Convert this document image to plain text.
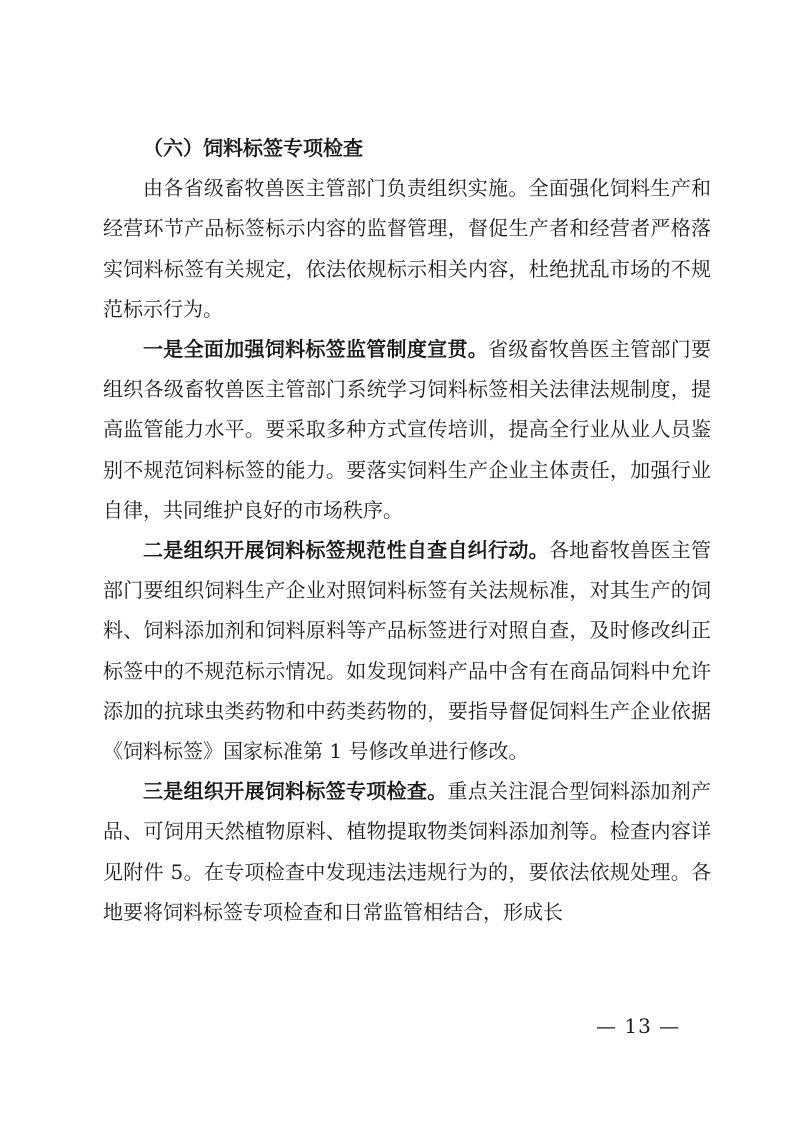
（六）饲料标签专项检查

由各省级畜牧兽医主管部门负责组织实施。全面强化饲料生产和经营环节产品标签标示内容的监督管理，督促生产者和经营者严格落实饲料标签有关规定，依法依规标示相关内容，杜绝扰乱市场的不规范标示行为。

一是全面加强饲料标签监管制度宣贯。省级畜牧兽医主管部门要组织各级畜牧兽医主管部门系统学习饲料标签相关法律法规制度，提高监管能力水平。要采取多种方式宣传培训，提高全行业从业人员鉴别不规范饲料标签的能力。要落实饲料生产企业主体责任，加强行业自律，共同维护良好的市场秩序。

二是组织开展饲料标签规范性自查自纠行动。各地畜牧兽医主管部门要组织饲料生产企业对照饲料标签有关法规标准，对其生产的饲料、饲料添加剂和饲料原料等产品标签进行对照自查，及时修改纠正标签中的不规范标示情况。如发现饲料产品中含有在商品饲料中允许添加的抗球虫类药物和中药类药物的，要指导督促饲料生产企业依据《饲料标签》国家标准第 1 号修改单进行修改。

三是组织开展饲料标签专项检查。重点关注混合型饲料添加剂产品、可饲用天然植物原料、植物提取物类饲料添加剂等。检查内容详见附件 5。在专项检查中发现违法违规行为的，要依法依规处理。各地要将饲料标签专项检查和日常监管相结合，形成长

— 13 —
